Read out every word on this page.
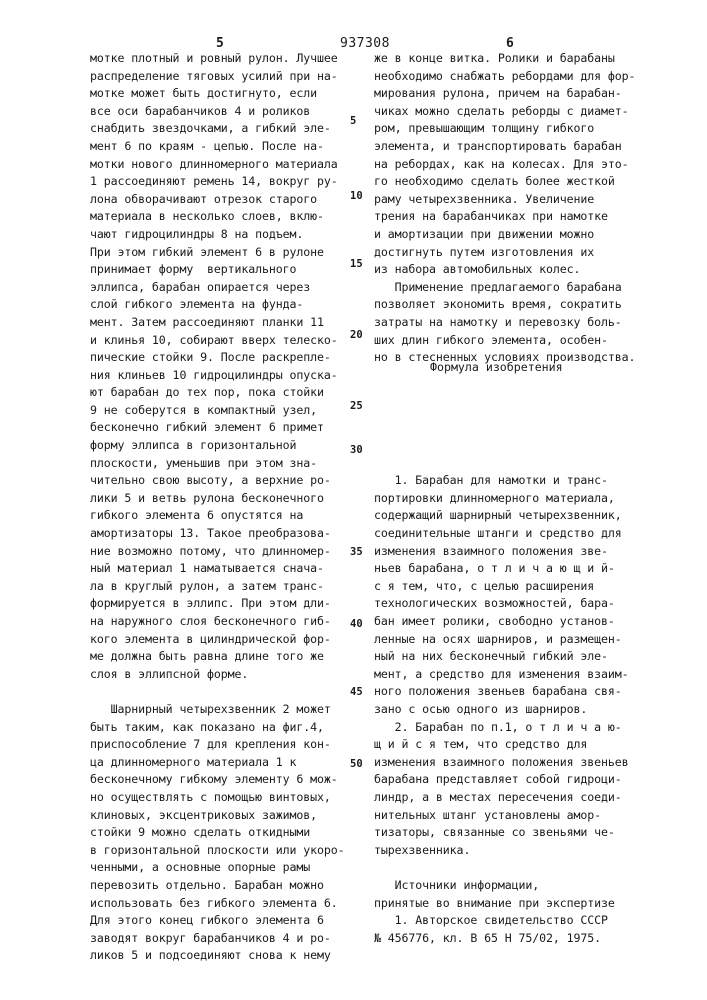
5	937308	6
мотке плотный и ровный рулон. Лучшее
распределение тяговых усилий при на-
мотке может быть достигнуто, если
все оси барабанчиков 4 и роликов
снабдить звездочками, а гибкий эле-
мент 6 по краям - цепью. После на-
мотки нового длинномерного материала
1 рассоединяют ремень 14, вокруг ру-
лона обворачивают отрезок старого
материала в несколько слоев, вклю-
чают гидроцилиндры 8 на подъем.
При этом гибкий элемент 6 в рулоне
принимает форму  вертикального
эллипса, барабан опирается через
слой гибкого элемента на фундa-
мент. Затем рассоединяют планки 11
и клинья 10, собирают вверх телеско-
пические стойки 9. После раскрепле-
ния клиньев 10 гидроцилиндры опускa-
ют барабан до тех пор, пока стойки
9 не соберутся в компактный узел,
бесконечно гибкий элемент 6 примет
форму эллипса в горизонтальной
плоскости, уменьшив при этом зна-
чительно свою высоту, а верхние ро-
лики 5 и ветвь рулона бесконечного
гибкого элемента 6 опустятся на
амортизаторы 13. Такое преобразова-
ние возможно потому, что длинномер-
ный материал 1 наматывается снача-
ла в круглый рулон, а затем транс-
формируется в эллипс. При этом дли-
на наружного слоя бесконечного гиб-
кого элемента в цилиндрической фор-
ме должна быть равна длине того же
слоя в эллипсной форме.
Шарнирный четырехзвенник 2 может
быть таким, как показано на фиг.4,
приспособление 7 для крепления кон-
ца длинномерного материала 1 к
бесконечному гибкому элементу 6 мож-
но осуществлять с помощью винтовых,
клиновых, эксцентриковых зажимов,
стойки 9 можно сделать откидными
в горизонтальной плоскости или укоро-
ченными, а основные опорные рамы
перевозить отдельно. Барабан можно
использовать без гибкого элемента 6.
Для этого конец гибкого элемента 6
заводят вокруг барабанчиков 4 и ро-
ликов 5 и подсоединяют снова к нему
же в конце витка. Ролики и барабаны
необходимо снабжать ребордами для фор-
мирования рулона, причем на барабан-
чиках можно сделать реборды с диамет-
ром, превышающим толщину гибкого
элемента, и транспортировать барабан
на ребордах, как на колесах. Для это-
го необходимо сделать более жесткой
раму четырехзвенника. Увеличение
трения на барабанчиках при намотке
и амортизации при движении можно
достигнуть путем изготовления их
из набора автомобильных колес.
Применение предлагаемого барабана
позволяет экономить время, сократить
затраты на намотку и перевозку боль-
ших длин гибкого элемента, особен-
но в стесненных условиях производства.
1. Барабан для намотки и транс-
портировки длинномерного материала,
содержащий шарнирный четырехзвенник,
соединительные штанги и средство для
изменения взаимного положения зве-
ньев барабана, о т л и ч а ю щ и й-
с я тем, что, с целью расширения
технологических возможностей, бара-
бан имеет ролики, свободно установ-
ленные на осях шарниров, и размещен-
ный на них бесконечный гибкий эле-
мент, а средство для изменения взаим-
ного положения звеньев барабана свя-
зано с осью одного из шарниров.
2. Барабан по п.1, о т л и ч а ю-
щ и й с я тем, что средство для
изменения взаимного положения звеньев
барабана представляет собой гидроци-
линдр, а в местах пересечения соеди-
нительных штанг установлены амор-
тизаторы, связанные со звеньями че-
тырехзвенника.
Источники информации,
принятые во внимание при экспертизе
1. Авторское свидетельство СССР
№ 456776, кл. В 65 Н 75/02, 1975.
Формула изобретения
5
10
15
20
25
30
35
40
45
50
